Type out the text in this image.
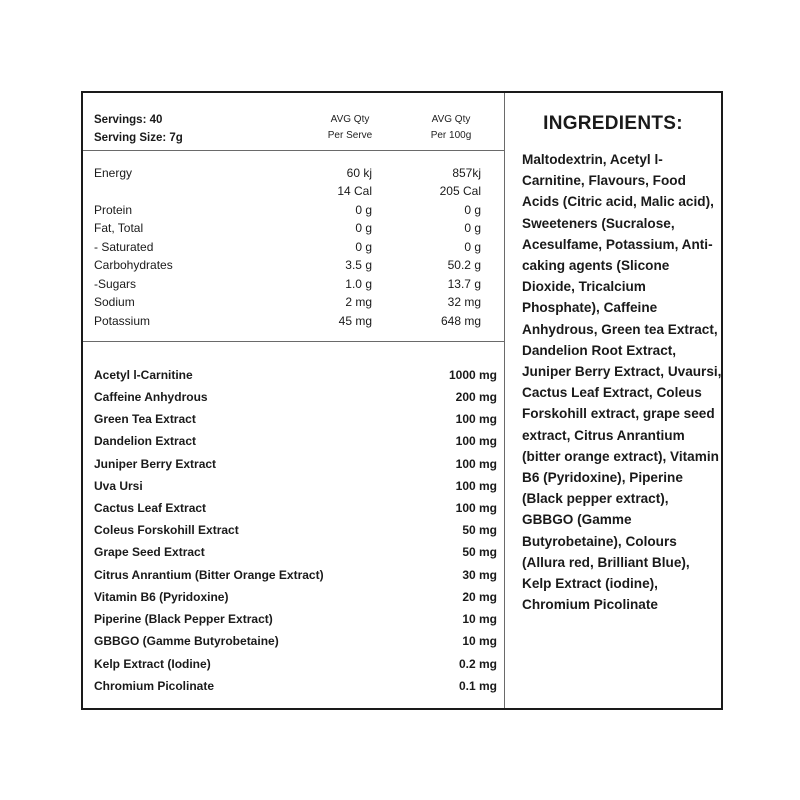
Servings: 40
Serving Size: 7g
AVG Qty
Per Serve
AVG Qty
Per 100g
Energy	60 kj	857kj
14 Cal	205 Cal
Protein	0 g	0 g
Fat, Total	0 g	0 g
- Saturated	0 g	0 g
Carbohydrates	3.5 g	50.2 g
-Sugars	1.0 g	13.7 g
Sodium	2 mg	32 mg
Potassium	45 mg	648 mg
Acetyl l-Carnitine	1000 mg
Caffeine Anhydrous	200 mg
Green Tea Extract	100 mg
Dandelion Extract	100 mg
Juniper Berry Extract	100 mg
Uva Ursi	100 mg
Cactus Leaf Extract	100 mg
Coleus Forskohill Extract	50 mg
Grape Seed Extract	50 mg
Citrus Anrantium (Bitter Orange Extract)	30 mg
Vitamin B6 (Pyridoxine)	20 mg
Piperine (Black Pepper Extract)	10 mg
GBBGO (Gamme Butyrobetaine)	10 mg
Kelp Extract (Iodine)	0.2 mg
Chromium Picolinate	0.1 mg
INGREDIENTS:
Maltodextrin, Acetyl l-Carnitine, Flavours, Food Acids (Citric acid, Malic acid), Sweeteners (Sucralose, Acesulfame, Potassium, Anti-caking agents (Slicone Dioxide, Tricalcium Phosphate), Caffeine Anhydrous, Green tea Extract, Dandelion Root Extract, Juniper Berry Extract, Uvaursi, Cactus Leaf Extract, Coleus Forskohill extract, grape seed extract, Citrus Anrantium (bitter orange extract), Vitamin B6 (Pyridoxine), Piperine (Black pepper extract), GBBGO (Gamme Butyrobetaine), Colours (Allura red, Brilliant Blue), Kelp Extract (iodine), Chromium Picolinate
